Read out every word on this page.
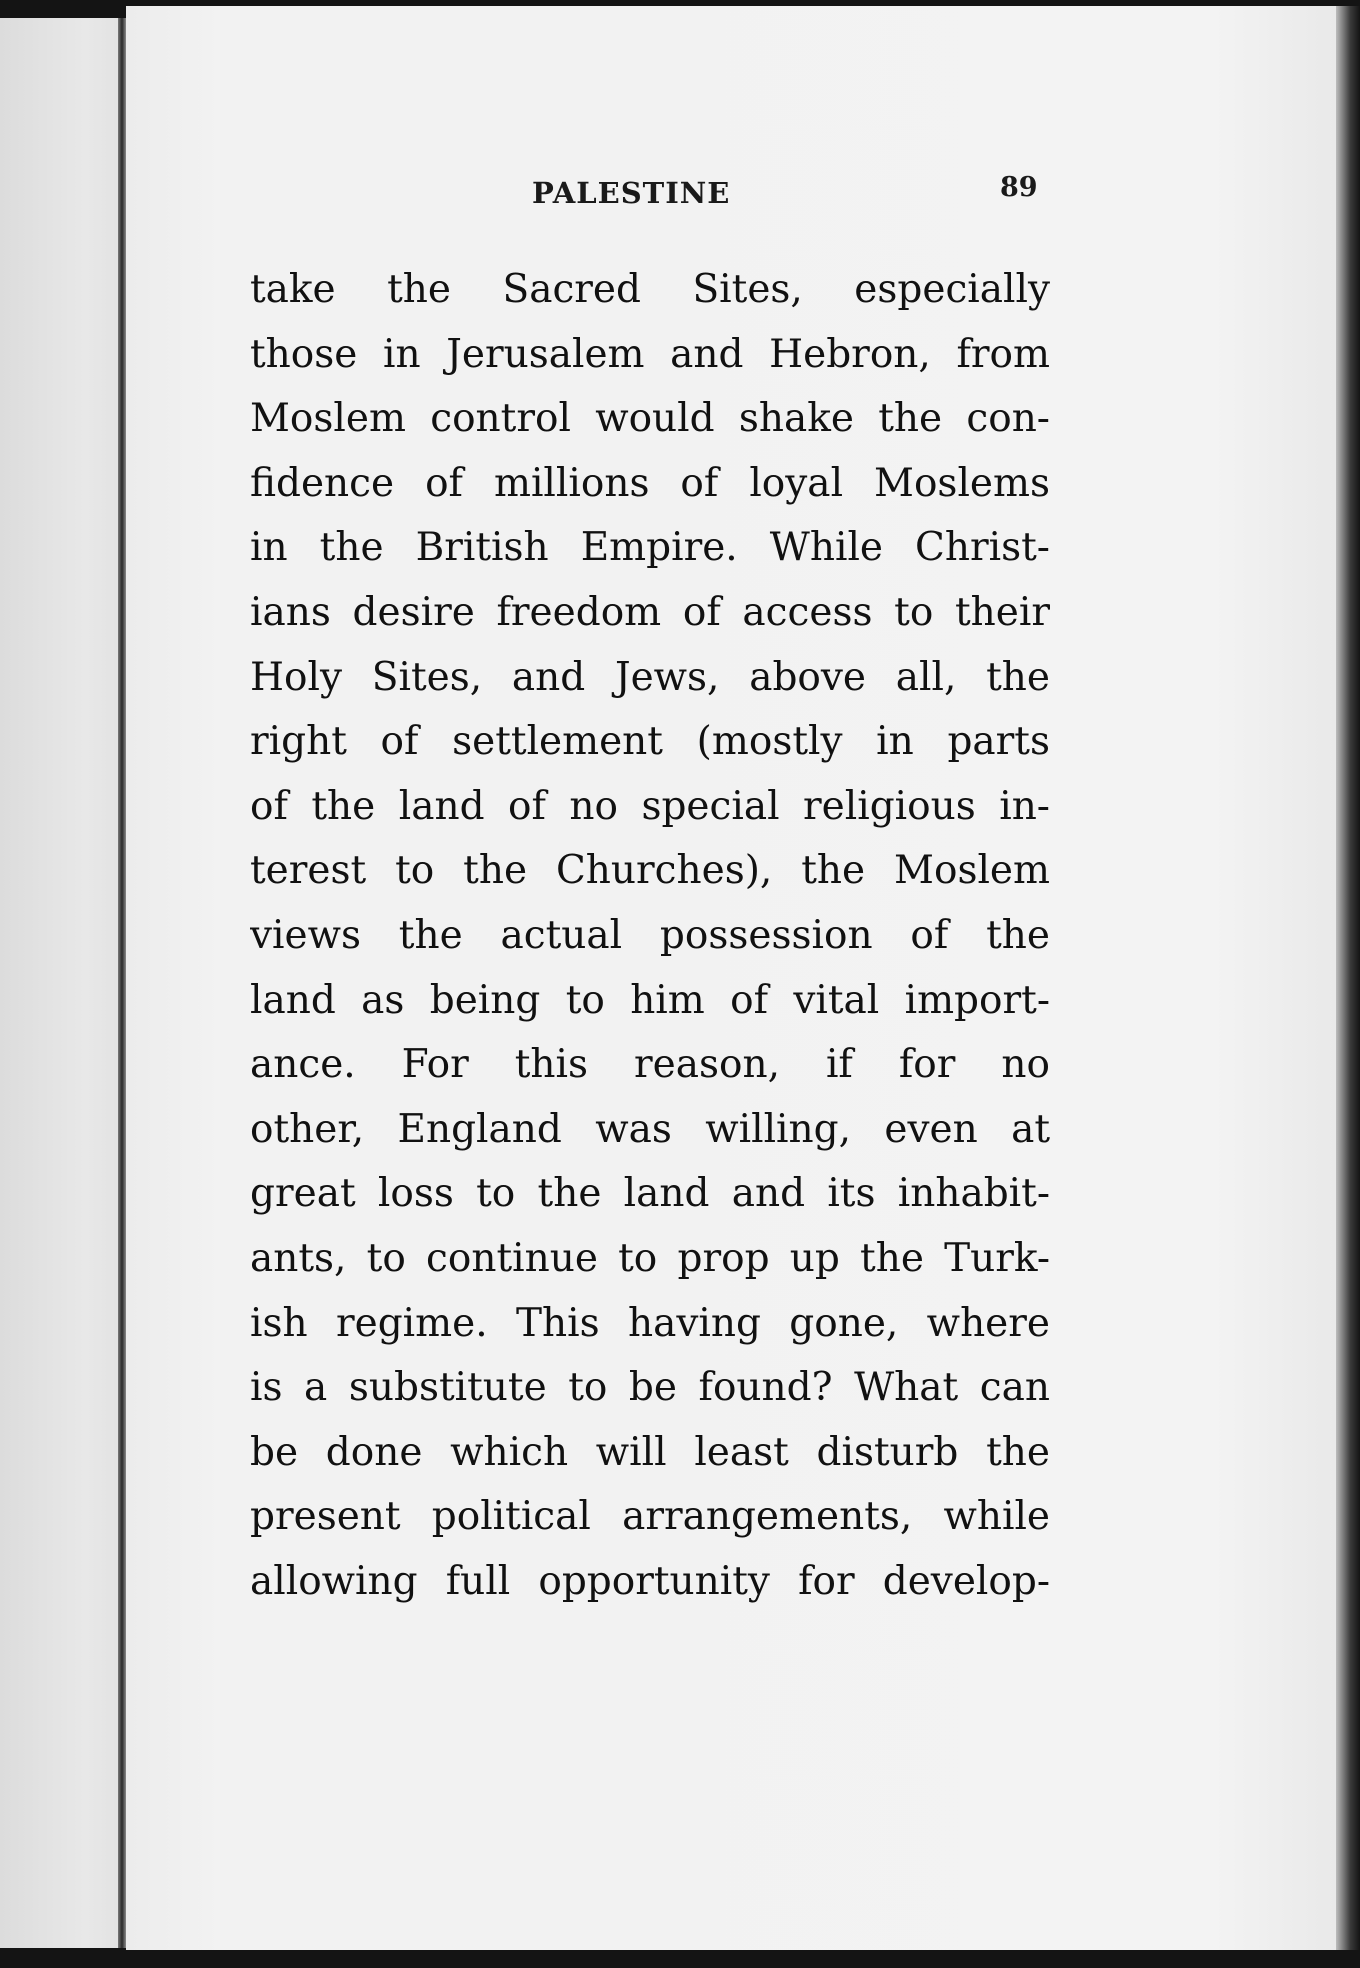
PALESTINE	89
take the Sacred Sites, especially
those in Jerusalem and Hebron, from
Moslem control would shake the con-
fidence of millions of loyal Moslems
in the British Empire. While Christ-
ians desire freedom of access to their
Holy Sites, and Jews, above all, the
right of settlement (mostly in parts
of the land of no special religious in-
terest to the Churches), the Moslem
views the actual possession of the
land as being to him of vital import-
ance. For this reason, if for no
other, England was willing, even at
great loss to the land and its inhabit-
ants, to continue to prop up the Turk-
ish regime. This having gone, where
is a substitute to be found? What can
be done which will least disturb the
present political arrangements, while
allowing full opportunity for develop-
